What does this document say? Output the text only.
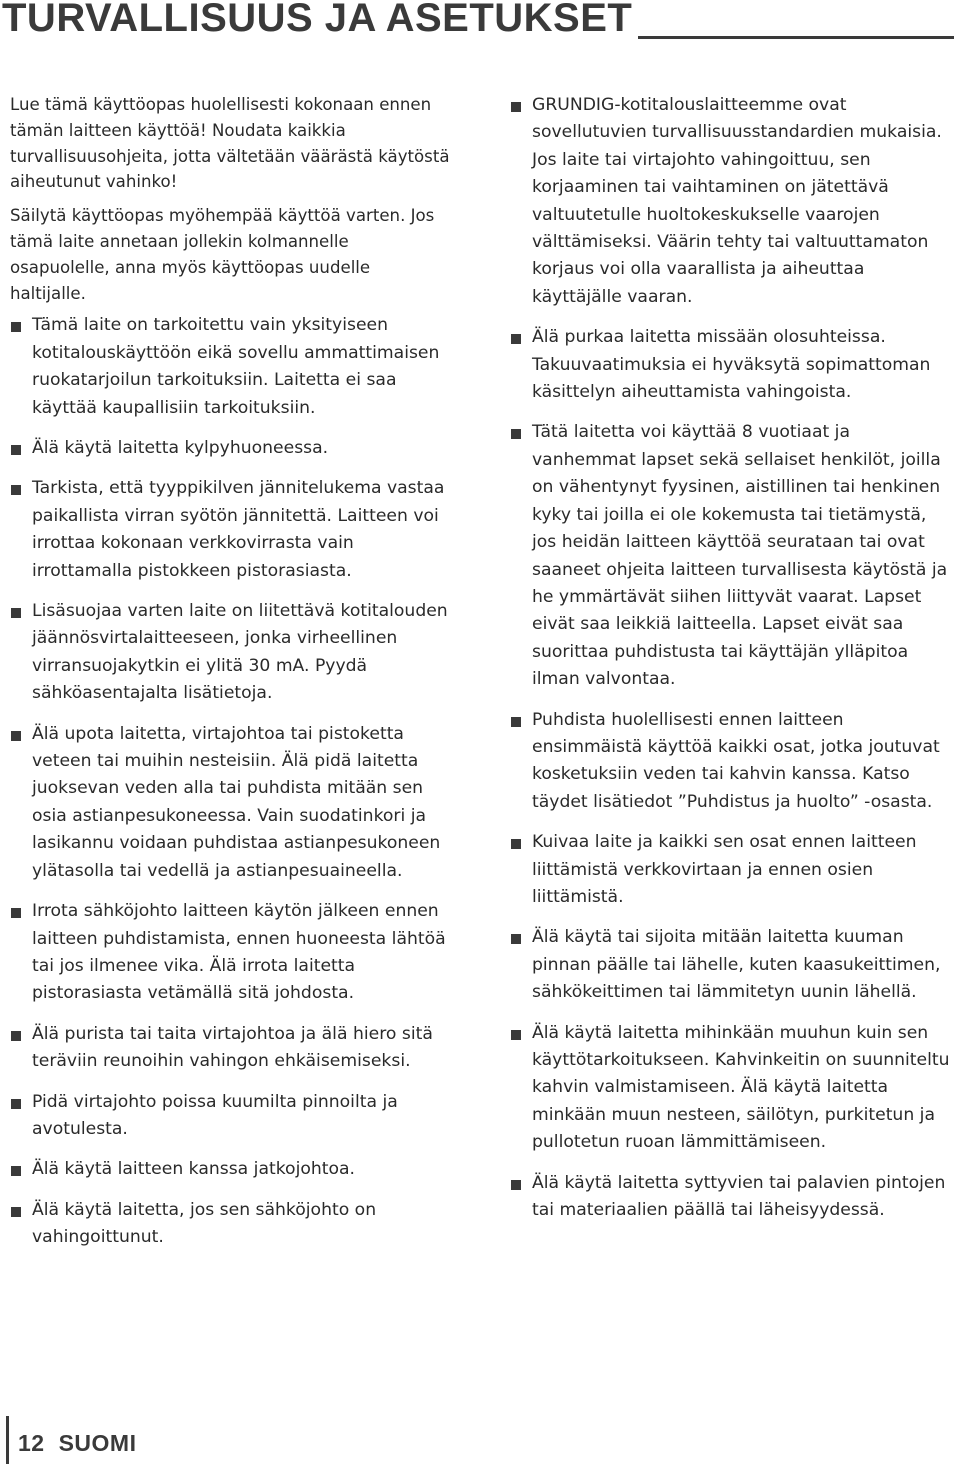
TURVALLISUUS JA ASETUKSET

Lue tämä käyttöopas huolellisesti kokonaan ennen tämän laitteen käyttöä! Noudata kaikkia turvallisuusohjeita, jotta vältetään väärästä käytöstä aiheutunut vahinko!

Säilytä käyttöopas myöhempää käyttöä varten. Jos tämä laite annetaan jollekin kolmannelle osapuolelle, anna myös käyttöopas uudelle haltijalle.

Tämä laite on tarkoitettu vain yksityiseen kotitalouskäyttöön eikä sovellu ammattimaisen ruokatarjoilun tarkoituksiin. Laitetta ei saa käyttää kaupallisiin tarkoituksiin.

Älä käytä laitetta kylpyhuoneessa.

Tarkista, että tyyppikilven jännitelukema vastaa paikallista virran syötön jännitettä. Laitteen voi irrottaa kokonaan verkkovirrasta vain irrottamalla pistokkeen pistorasiasta.

Lisäsuojaa varten laite on liitettävä kotitalouden jäännösvirtalaitteeseen, jonka virheellinen virransuojakytkin ei ylitä 30 mA. Pyydä sähköasentajalta lisätietoja.

Älä upota laitetta, virtajohtoa tai pistoketta veteen tai muihin nesteisiin. Älä pidä laitetta juoksevan veden alla tai puhdista mitään sen osia astianpesukoneessa. Vain suodatinkori ja lasikannu voidaan puhdistaa astianpesukoneen ylätasolla tai vedellä ja astianpesuaineella.

Irrota sähköjohto laitteen käytön jälkeen ennen laitteen puhdistamista, ennen huoneesta lähtöä tai jos ilmenee vika. Älä irrota laitetta pistorasiasta vetämällä sitä johdosta.

Älä purista tai taita virtajohtoa ja älä hiero sitä teräviin reunoihin vahingon ehkäisemiseksi.

Pidä virtajohto poissa kuumilta pinnoilta ja avotulesta.

Älä käytä laitteen kanssa jatkojohtoa.

Älä käytä laitetta, jos sen sähköjohto on vahingoittunut.

GRUNDIG-kotitalouslaitteemme ovat sovellutuvien turvallisuusstandardien mukaisia. Jos laite tai virtajohto vahingoittuu, sen korjaaminen tai vaihtaminen on jätettävä valtuutetulle huoltokeskukselle vaarojen välttämiseksi. Väärin tehty tai valtuuttamaton korjaus voi olla vaarallista ja aiheuttaa käyttäjälle vaaran.

Älä purkaa laitetta missään olosuhteissa. Takuuvaatimuksia ei hyväksytä sopimattoman käsittelyn aiheuttamista vahingoista.

Tätä laitetta voi käyttää 8 vuotiaat ja vanhemmat lapset sekä sellaiset henkilöt, joilla on vähentynyt fyysinen, aistillinen tai henkinen kyky tai joilla ei ole kokemusta tai tietämystä, jos heidän laitteen käyttöä seurataan tai ovat saaneet ohjeita laitteen turvallisesta käytöstä ja he ymmärtävät siihen liittyvät vaarat. Lapset eivät saa leikkiä laitteella. Lapset eivät saa suorittaa puhdistusta tai käyttäjän ylläpitoa ilman valvontaa.

Puhdista huolellisesti ennen laitteen ensimmäistä käyttöä kaikki osat, jotka joutuvat kosketuksiin veden tai kahvin kanssa. Katso täydet lisätiedot ”Puhdistus ja huolto” -osasta.

Kuivaa laite ja kaikki sen osat ennen laitteen liittämistä verkkovirtaan ja ennen osien liittämistä.

Älä käytä tai sijoita mitään laitetta kuuman pinnan päälle tai lähelle, kuten kaasukeittimen, sähkökeittimen tai lämmitetyn uunin lähellä.

Älä käytä laitetta mihinkään muuhun kuin sen käyttötarkoitukseen. Kahvinkeitin on suunniteltu kahvin valmistamiseen. Älä käytä laitetta minkään muun nesteen, säilötyn, purkitetun ja pullotetun ruoan lämmittämiseen.

Älä käytä laitetta syttyvien tai palavien pintojen tai materiaalien päällä tai läheisyydessä.

12 SUOMI
